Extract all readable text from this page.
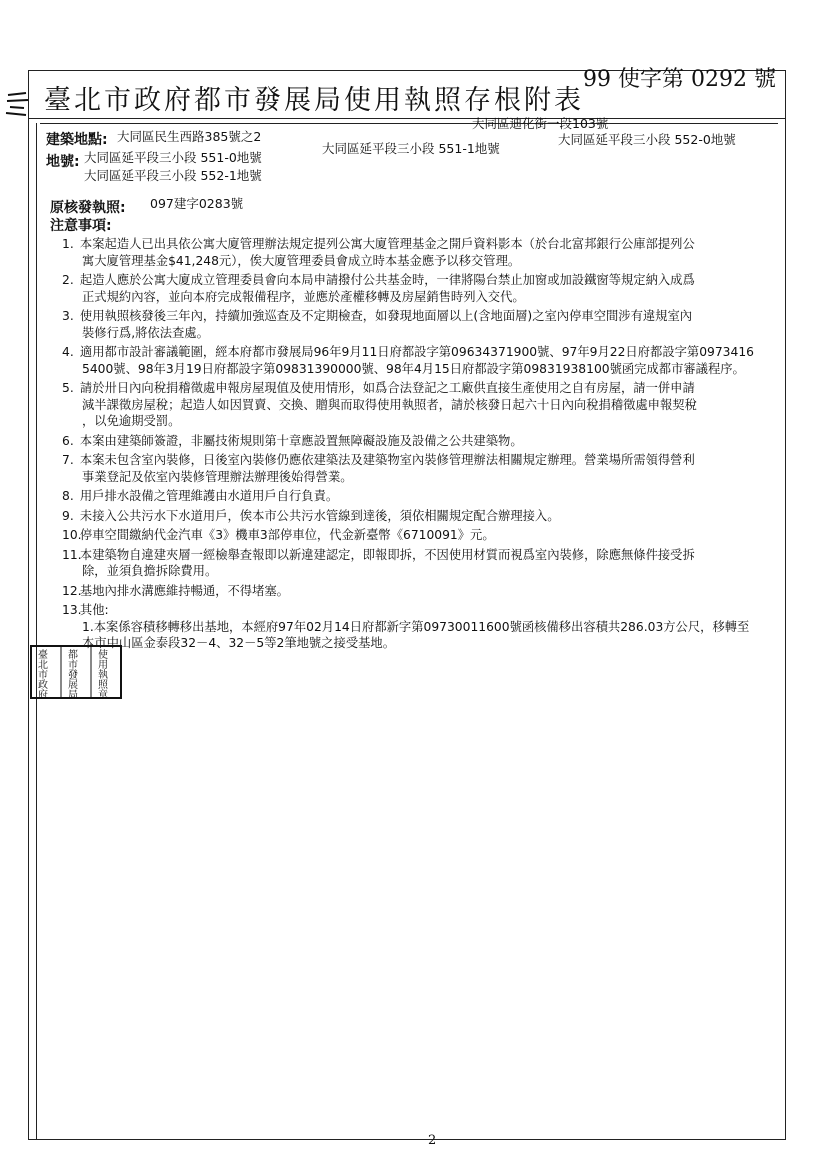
臺北市政府都市發展局使用執照存根附表
99 使字第 0292 號
建築地點: 大同區民生西路385號之2
大同區迪化街一段103號
地號: 大同區延平段三小段 551-0地號
大同區延平段三小段 551-1地號
大同區延平段三小段 552-0地號
大同區延平段三小段 552-1地號
原核發執照: 097建字0283號
注意事項:
1. 本案起造人已出具依公寓大廈管理辦法規定提列公寓大廈管理基金之開戶資料影本（於台北富邦銀行公庫部提列公
寓大廈管理基金$41,248元），俟大廈管理委員會成立時本基金應予以移交管理。
2. 起造人應於公寓大廈成立管理委員會向本局申請撥付公共基金時，一律將陽台禁止加窗或加設鐵窗等規定納入成爲
正式規約內容，並向本府完成報備程序，並應於產權移轉及房屋銷售時列入交代。
3. 使用執照核發後三年內，持續加強巡查及不定期檢查，如發現地面層以上(含地面層)之室內停車空間涉有違規室內
裝修行爲,將依法查處。
4. 適用都市設計審議範圍，經本府都市發展局96年9月11日府都設字第09634371900號、97年9月22日府都設字第0973416
5400號、98年3月19日府都設字第09831390000號、98年4月15日府都設字第09831938100號函完成都市審議程序。
5. 請於卅日內向稅捐稽徵處申報房屋現值及使用情形，如爲合法登記之工廠供直接生產使用之自有房屋，請一併申請
減半課徵房屋稅；起造人如因買賣、交換、贈與而取得使用執照者，請於核發日起六十日內向稅捐稽徵處申報契稅
，以免逾期受罰。
6. 本案由建築師簽證，非屬技術規則第十章應設置無障礙設施及設備之公共建築物。
7. 本案未包含室內裝修，日後室內裝修仍應依建築法及建築物室內裝修管理辦法相關規定辦理。營業場所需領得營利
事業登記及依室內裝修管理辦法辦理後始得營業。
8. 用戶排水設備之管理維護由水道用戶自行負責。
9. 未接入公共污水下水道用戶，俟本市公共污水管線到達後，須依相關規定配合辦理接入。
10. 停車空間繳納代金汽車《3》機車3部停車位，代金新臺幣《6710091》元。
11. 本建築物自違建夾層一經檢舉查報即以新違建認定，即報即拆，不因使用材質而視爲室內裝修，除應無條件接受拆
除，並須負擔拆除費用。
12. 基地內排水溝應維持暢通，不得堵塞。
13. 其他:
1.本案係容積移轉移出基地，本經府97年02月14日府都新字第09730011600號函核備移出容積共286.03方公尺，移轉至
本市中山區金泰段32－4、32－5等2筆地號之接受基地。
臺
北
市
政
府
都
市
發
展
局
使
用
執
照
章
2
